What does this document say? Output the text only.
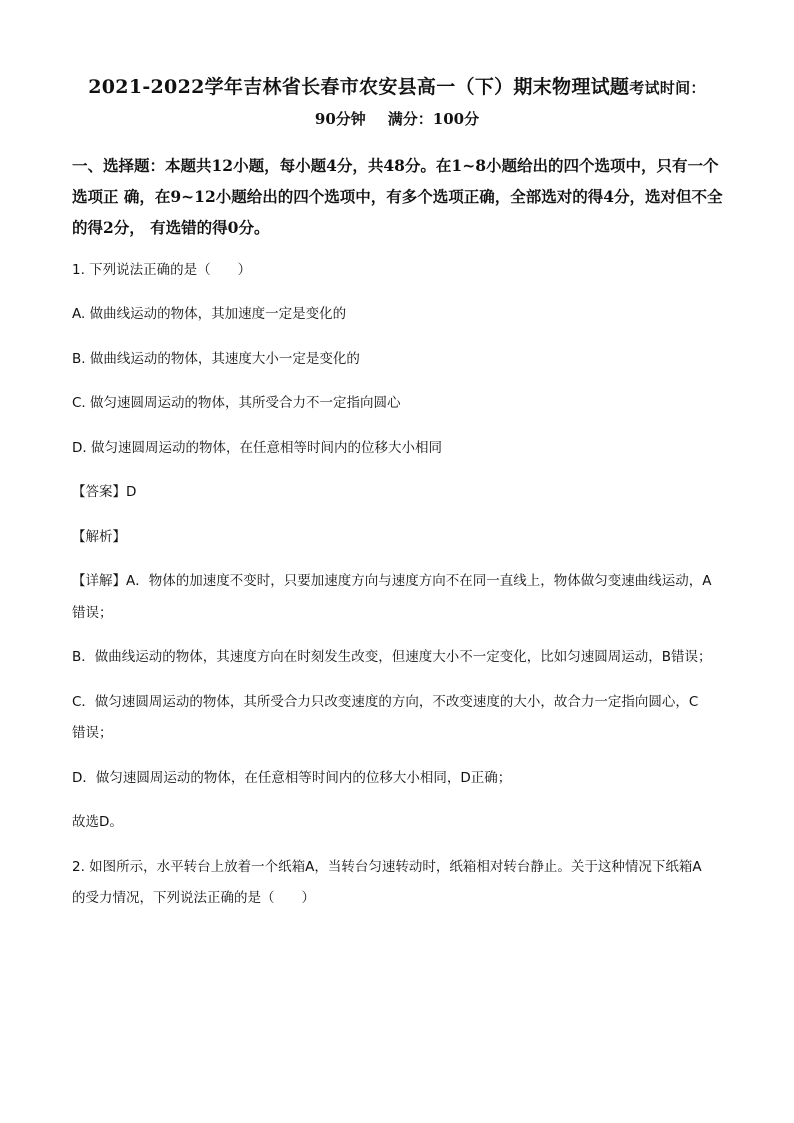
2021-2022学年吉林省长春市农安县高一（下）期末物理试题考试时间：
90分钟 满分：100分
一、选择题：本题共12小题，每小题4分，共48分。在1~8小题给出的四个选项中，只有一个选项正 确，在9~12小题给出的四个选项中，有多个选项正确，全部选对的得4分，选对但不全的得2分， 有选错的得0分。
1. 下列说法正确的是（　　）
A. 做曲线运动的物体，其加速度一定是变化的
B. 做曲线运动的物体，其速度大小一定是变化的
C. 做匀速圆周运动的物体，其所受合力不一定指向圆心
D. 做匀速圆周运动的物体，在任意相等时间内的位移大小相同
【答案】D
【解析】
【详解】A．物体的加速度不变时，只要加速度方向与速度方向不在同一直线上，物体做匀变速曲线运动，A
错误；
B．做曲线运动的物体，其速度方向在时刻发生改变，但速度大小不一定变化，比如匀速圆周运动，B错误；
C．做匀速圆周运动的物体，其所受合力只改变速度的方向，不改变速度的大小，故合力一定指向圆心，C
错误；
D．做匀速圆周运动的物体，在任意相等时间内的位移大小相同，D正确；
故选D。
2. 如图所示，水平转台上放着一个纸箱A，当转台匀速转动时，纸箱相对转台静止。关于这种情况下纸箱A
的受力情况，下列说法正确的是（　　）
